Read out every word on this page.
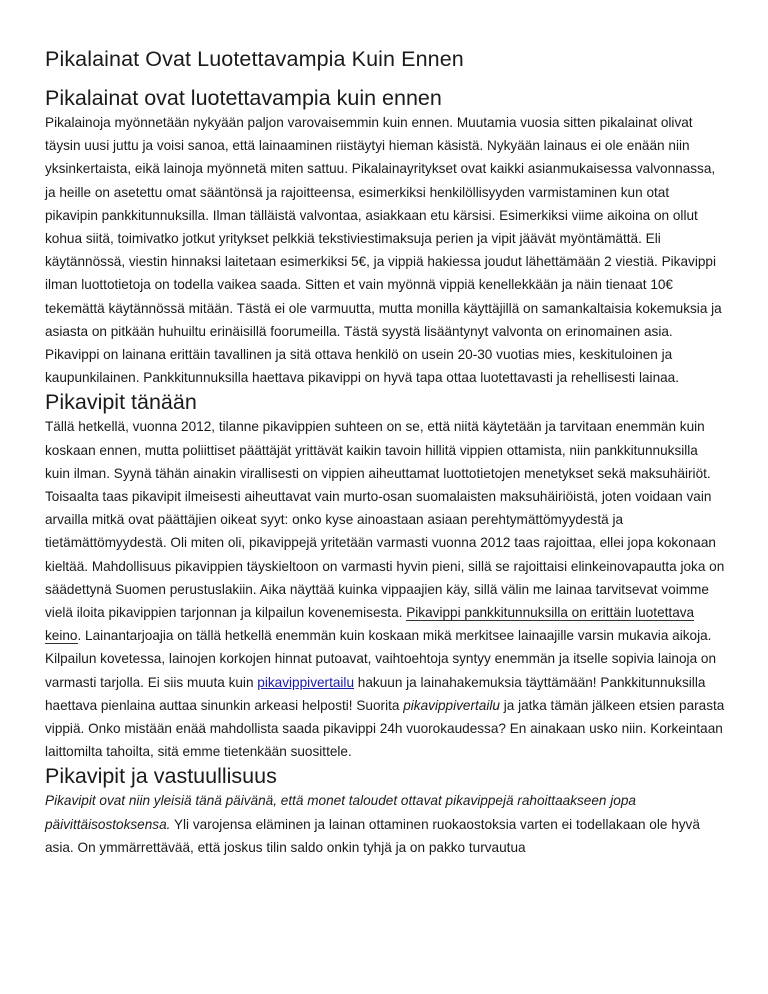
Pikalainat Ovat Luotettavampia Kuin Ennen
Pikalainat ovat luotettavampia kuin ennen

Pikalainoja myönnetään nykyään paljon varovaisemmin kuin ennen. Muutamia vuosia sitten pikalainat olivat täysin uusi juttu ja voisi sanoa, että lainaaminen riistäytyi hieman käsistä. Nykyään lainaus ei ole enään niin yksinkertaista, eikä lainoja myönnetä miten sattuu. Pikalainayritykset ovat kaikki asianmukaisessa valvonnassa, ja heille on asetettu omat sääntönsä ja rajoitteensa, esimerkiksi henkilöllisyyden varmistaminen kun otat pikavipin pankkitunnuksilla. Ilman tälläistä valvontaa, asiakkaan etu kärsisi. Esimerkiksi viime aikoina on ollut kohua siitä, toimivatko jotkut yritykset pelkkiä tekstiviestimaksuja perien ja vipit jäävät myöntämättä. Eli käytännössä, viestin hinnaksi laitetaan esimerkiksi 5€, ja vippiä hakiessa joudut lähettämään 2 viestiä. Pikavippi ilman luottotietoja on todella vaikea saada. Sitten et vain myönnä vippiä kenellekkään ja näin tienaat 10€ tekemättä käytännössä mitään. Tästä ei ole varmuutta, mutta monilla käyttäjillä on samankaltaisia kokemuksia ja asiasta on pitkään huhuiltu erinäisillä foorumeilla. Tästä syystä lisääntynyt valvonta on erinomainen asia. Pikavippi on lainana erittäin tavallinen ja sitä ottava henkilö on usein 20-30 vuotias mies, keskituloinen ja kaupunkilainen. Pankkitunnuksilla haettava pikavippi on hyvä tapa ottaa luotettavasti ja rehellisesti lainaa.

Pikavipit tänään

Tällä hetkellä, vuonna 2012, tilanne pikavippien suhteen on se, että niitä käytetään ja tarvitaan enemmän kuin koskaan ennen, mutta poliittiset päättäjät yrittävät kaikin tavoin hillitä vippien ottamista, niin pankkitunnuksilla kuin ilman. Syynä tähän ainakin virallisesti on vippien aiheuttamat luottotietojen menetykset sekä maksuhäiriöt. Toisaalta taas pikavipit ilmeisesti aiheuttavat vain murto-osan suomalaisten maksuhäiriöistä, joten voidaan vain arvailla mitkä ovat päättäjien oikeat syyt: onko kyse ainoastaan asiaan perehtymättömyydestä ja tietämättömyydestä. Oli miten oli, pikavippejä yritetään varmasti vuonna 2012 taas rajoittaa, ellei jopa kokonaan kieltää. Mahdollisuus pikavippien täyskieltoon on varmasti hyvin pieni, sillä se rajoittaisi elinkeinovapautta joka on säädettynä Suomen perustuslakiin. Aika näyttää kuinka vippaajien käy, sillä välin me lainaa tarvitsevat voimme vielä iloita pikavippien tarjonnan ja kilpailun kovenemisesta. Pikavippi pankkitunnuksilla on erittäin luotettava keino. Lainantarjoajia on tällä hetkellä enemmän kuin koskaan mikä merkitsee lainaajille varsin mukavia aikoja. Kilpailun kovetessa, lainojen korkojen hinnat putoavat, vaihtoehtoja syntyy enemmän ja itselle sopivia lainoja on varmasti tarjolla. Ei siis muuta kuin pikavippivertailu hakuun ja lainahakemuksia täyttämään! Pankkitunnuksilla haettava pienlaina auttaa sinunkin arkeasi helposti! Suorita pikavippivertailu ja jatka tämän jälkeen etsien parasta vippiä. Onko mistään enää mahdollista saada pikavippi 24h vuorokaudessa? En ainakaan usko niin. Korkeintaan laittomilta tahoilta, sitä emme tietenkään suosittele.

Pikavipit ja vastuullisuus

Pikavipit ovat niin yleisiä tänä päivänä, että monet taloudet ottavat pikavippejä rahoittaakseen jopa päivittäisostoksensa. Yli varojensa eläminen ja lainan ottaminen ruokaostoksia varten ei todellakaan ole hyvä asia. On ymmärrettävää, että joskus tilin saldo onkin tyhjä ja on pakko turvautua
